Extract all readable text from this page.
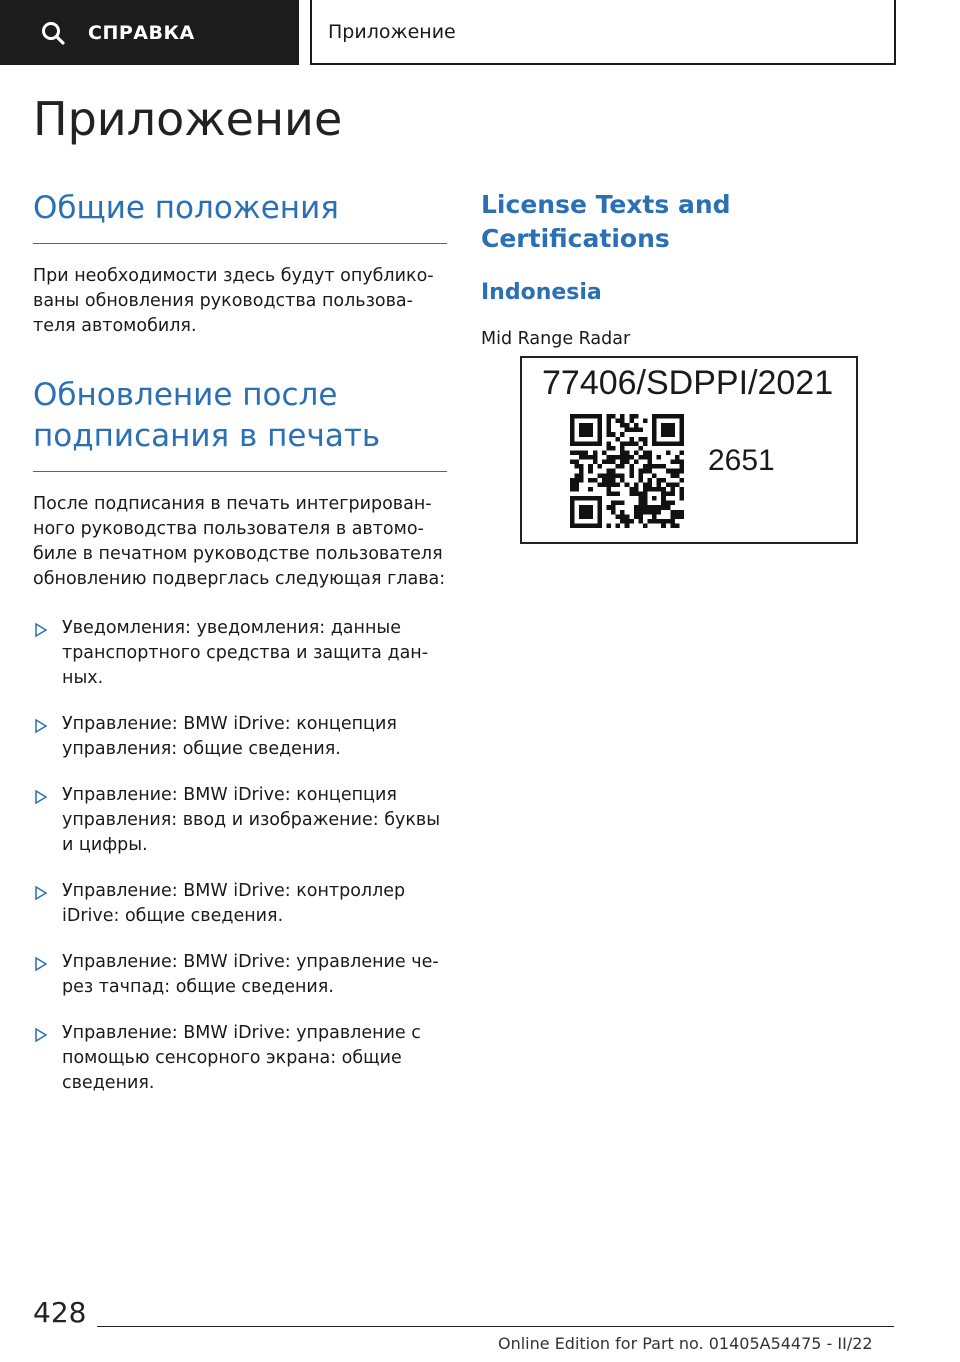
СПРАВКА	Приложение
Приложение
Общие положения

При необходимости здесь будут опублико-
ваны обновления руководства пользова-
теля автомобиля.

Обновление после
подписания в печать

После подписания в печать интегрирован-
ного руководства пользователя в автомо-
биле в печатном руководстве пользователя
обновлению подверглась следующая глава:

Уведомления: уведомления: данные
транспортного средства и защита дан-
ных.
Управление: BMW iDrive: концепция
управления: общие сведения.
Управление: BMW iDrive: концепция
управления: ввод и изображение: буквы
и цифры.
Управление: BMW iDrive: контроллер
iDrive: общие сведения.
Управление: BMW iDrive: управление че-
рез тачпад: общие сведения.
Управление: BMW iDrive: управление с
помощью сенсорного экрана: общие
сведения.
License Texts and Certifications
Indonesia

Mid Range Radar

77406/SDPPI/2021
2651
428
Online Edition for Part no. 01405A54475 - II/22
